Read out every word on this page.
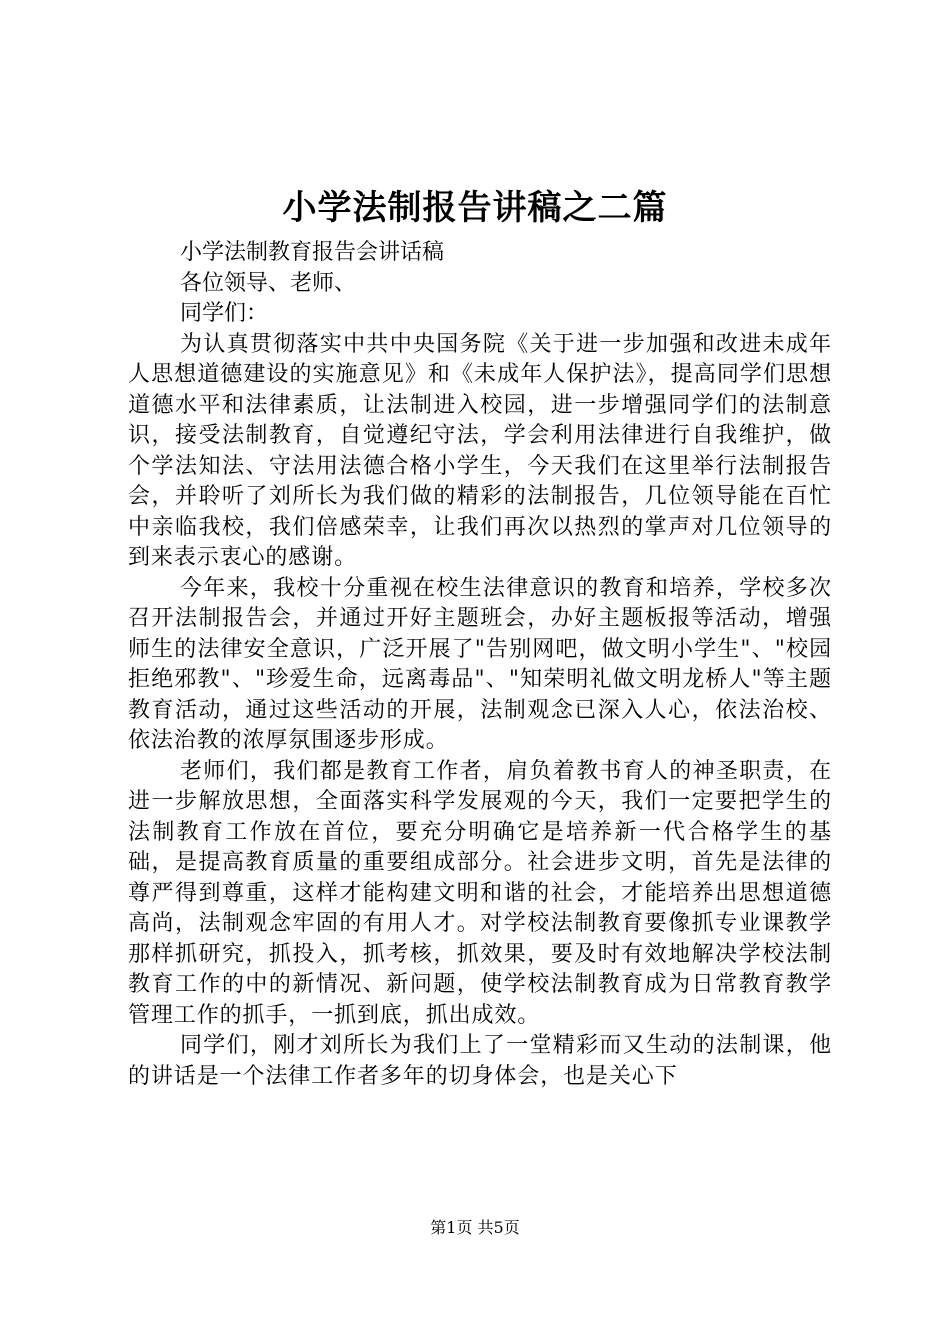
小学法制报告讲稿之二篇

小学法制教育报告会讲话稿

各位领导、老师、

同学们：

为认真贯彻落实中共中央国务院《关于进一步加强和改进未成年人思想道德建设的实施意见》和《未成年人保护法》，提高同学们思想道德水平和法律素质，让法制进入校园，进一步增强同学们的法制意识，接受法制教育，自觉遵纪守法，学会利用法律进行自我维护，做个学法知法、守法用法德合格小学生，今天我们在这里举行法制报告会，并聆听了刘所长为我们做的精彩的法制报告，几位领导能在百忙中亲临我校，我们倍感荣幸，让我们再次以热烈的掌声对几位领导的到来表示衷心的感谢。

今年来，我校十分重视在校生法律意识的教育和培养，学校多次召开法制报告会，并通过开好主题班会，办好主题板报等活动，增强师生的法律安全意识，广泛开展了"告别网吧，做文明小学生"、"校园拒绝邪教"、"珍爱生命，远离毒品"、"知荣明礼做文明龙桥人"等主题教育活动，通过这些活动的开展，法制观念已深入人心，依法治校、依法治教的浓厚氛围逐步形成。

老师们，我们都是教育工作者，肩负着教书育人的神圣职责，在进一步解放思想，全面落实科学发展观的今天，我们一定要把学生的法制教育工作放在首位，要充分明确它是培养新一代合格学生的基础，是提高教育质量的重要组成部分。社会进步文明，首先是法律的尊严得到尊重，这样才能构建文明和谐的社会，才能培养出思想道德高尚，法制观念牢固的有用人才。对学校法制教育要像抓专业课教学那样抓研究，抓投入，抓考核，抓效果，要及时有效地解决学校法制教育工作的中的新情况、新问题，使学校法制教育成为日常教育教学管理工作的抓手，一抓到底，抓出成效。

同学们，刚才刘所长为我们上了一堂精彩而又生动的法制课，他的讲话是一个法律工作者多年的切身体会，也是关心下

第1页 共5页
